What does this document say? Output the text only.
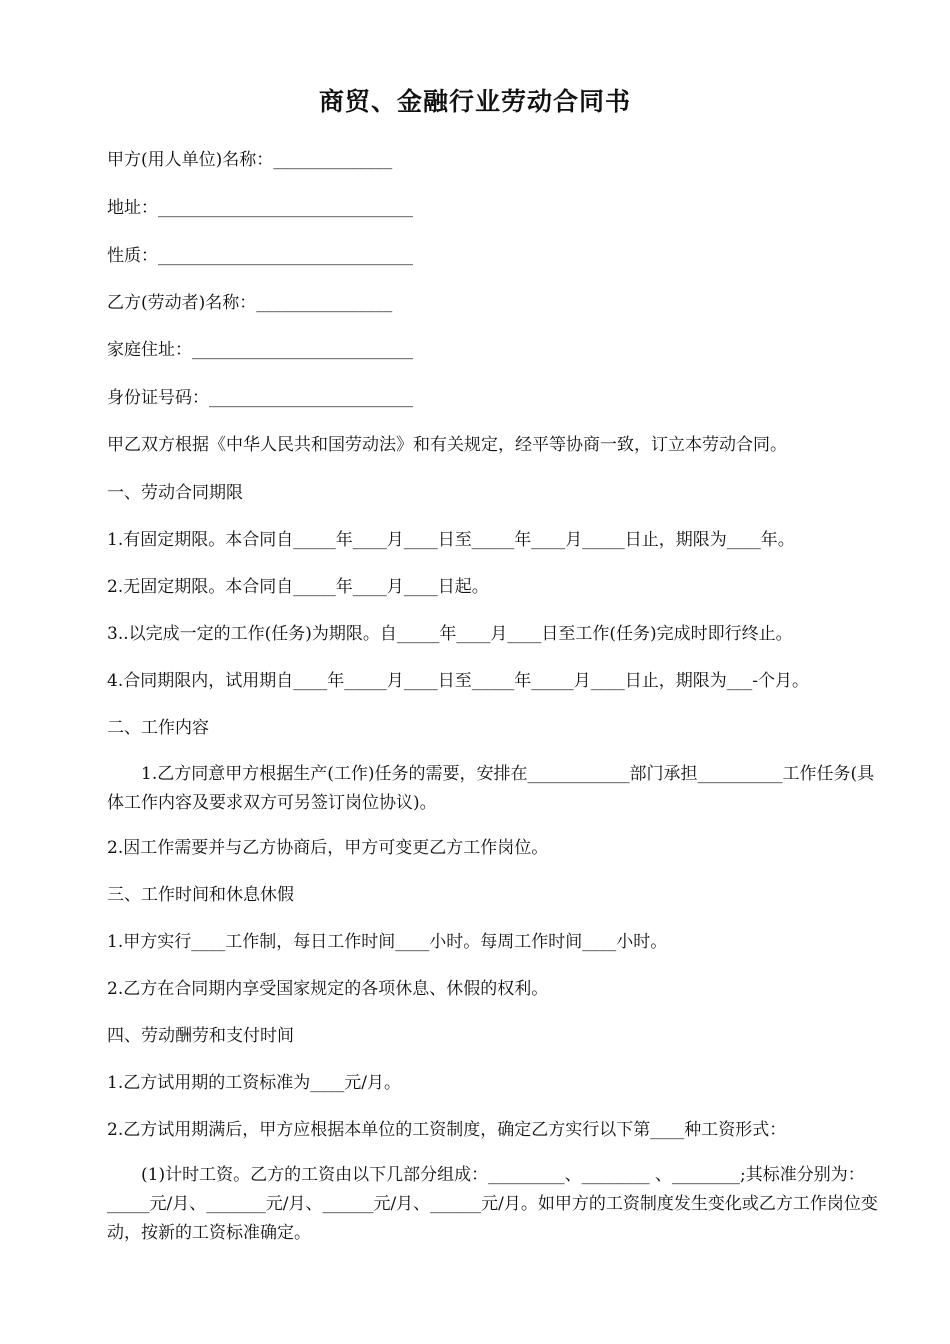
商贸、金融行业劳动合同书
甲方(用人单位)名称：______________
地址：______________________________
性质：______________________________
乙方(劳动者)名称：________________
家庭住址：__________________________
身份证号码：________________________
甲乙双方根据《中华人民共和国劳动法》和有关规定，经平等协商一致，订立本劳动合同。
一、劳动合同期限
1.有固定期限。本合同自_____年____月____日至_____年____月_____日止，期限为____年。
2.无固定期限。本合同自_____年____月____日起。
3..以完成一定的工作(任务)为期限。自_____年____月____日至工作(任务)完成时即行终止。
4.合同期限内，试用期自____年_____月____日至_____年_____月____日止，期限为___-个月。
二、工作内容
1.乙方同意甲方根据生产(工作)任务的需要，安排在____________部门承担__________工作任务(具体工作内容及要求双方可另签订岗位协议)。
2.因工作需要并与乙方协商后，甲方可变更乙方工作岗位。
三、工作时间和休息休假
1.甲方实行____工作制，每日工作时间____小时。每周工作时间____小时。
2.乙方在合同期内享受国家规定的各项休息、休假的权利。
四、劳动酬劳和支付时间
1.乙方试用期的工资标准为____元/月。
2.乙方试用期满后，甲方应根据本单位的工资制度，确定乙方实行以下第____种工资形式：
(1)计时工资。乙方的工资由以下几部分组成：_________、________ 、________;其标准分别为：_____元/月、_______元/月、______元/月、______元/月。如甲方的工资制度发生变化或乙方工作岗位变动，按新的工资标准确定。
